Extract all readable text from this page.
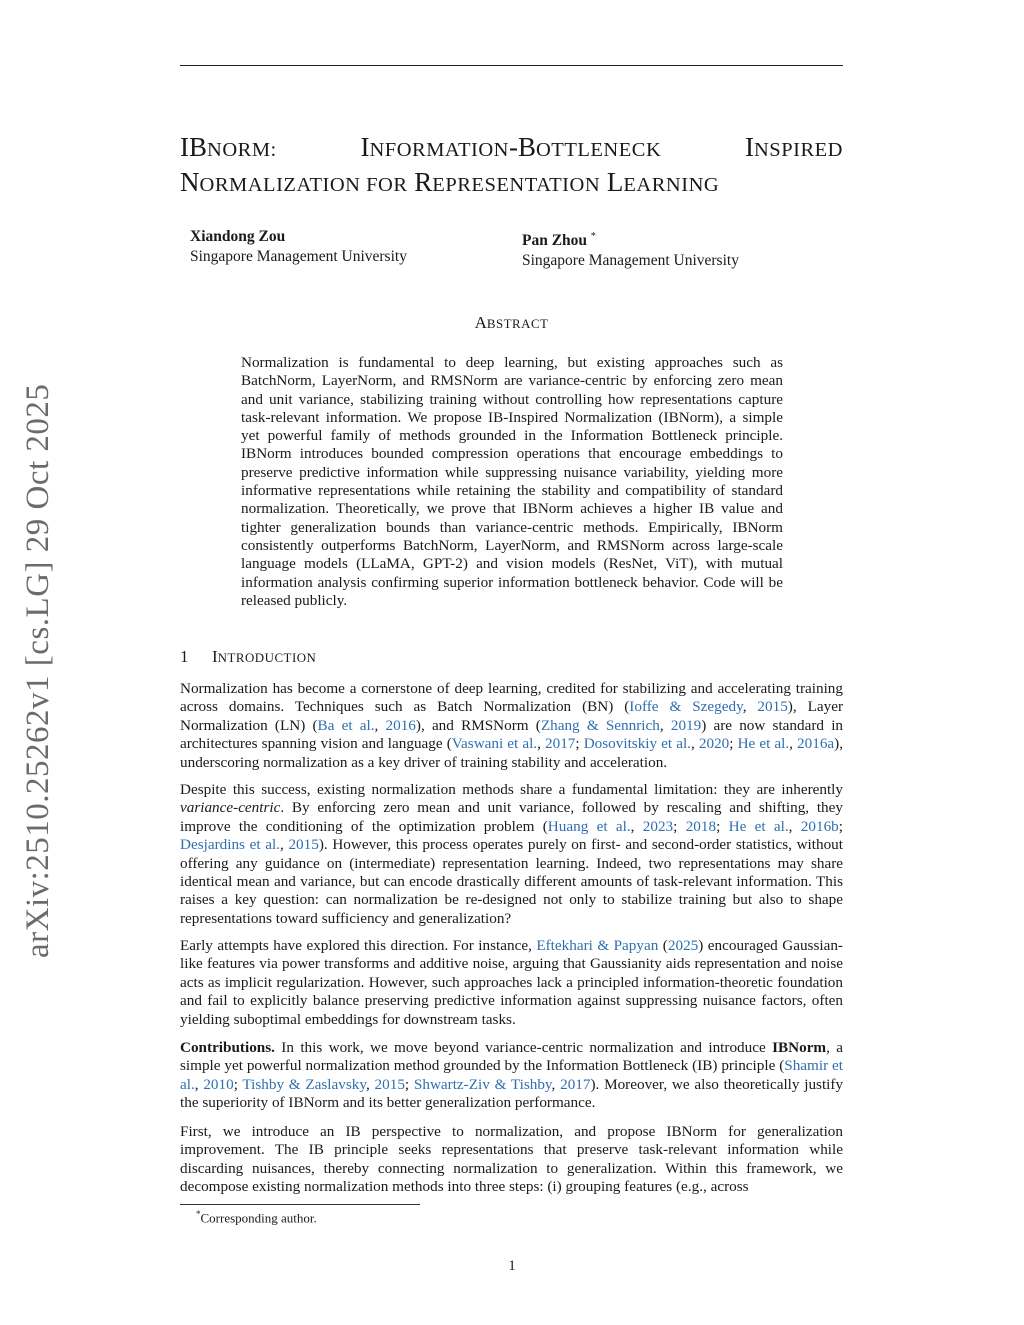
arXiv:2510.25262v1 [cs.LG] 29 Oct 2025
IBNORM:	INFORMATION-BOTTLENECK	INSPIRED
NORMALIZATION FOR REPRESENTATION LEARNING
Xiandong Zou
Singapore Management University
Pan Zhou *
Singapore Management University
ABSTRACT

Normalization is fundamental to deep learning, but existing approaches such as BatchNorm, LayerNorm, and RMSNorm are variance-centric by enforcing zero mean and unit variance, stabilizing training without controlling how representations capture task-relevant information. We propose IB-Inspired Normalization (IBNorm), a simple yet powerful family of methods grounded in the Information Bottleneck principle. IBNorm introduces bounded compression operations that encourage embeddings to preserve predictive information while suppressing nuisance variability, yielding more informative representations while retaining the stability and compatibility of standard normalization. Theoretically, we prove that IBNorm achieves a higher IB value and tighter generalization bounds than variance-centric methods. Empirically, IBNorm consistently outperforms BatchNorm, LayerNorm, and RMSNorm across large-scale language models (LLaMA, GPT-2) and vision models (ResNet, ViT), with mutual information analysis confirming superior information bottleneck behavior. Code will be released publicly.

1 INTRODUCTION

Normalization has become a cornerstone of deep learning, credited for stabilizing and accelerating training across domains. Techniques such as Batch Normalization (BN) (Ioffe & Szegedy, 2015), Layer Normalization (LN) (Ba et al., 2016), and RMSNorm (Zhang & Sennrich, 2019) are now standard in architectures spanning vision and language (Vaswani et al., 2017; Dosovitskiy et al., 2020; He et al., 2016a), underscoring normalization as a key driver of training stability and acceleration.

Despite this success, existing normalization methods share a fundamental limitation: they are inherently variance-centric. By enforcing zero mean and unit variance, followed by rescaling and shifting, they improve the conditioning of the optimization problem (Huang et al., 2023; 2018; He et al., 2016b; Desjardins et al., 2015). However, this process operates purely on first- and second-order statistics, without offering any guidance on (intermediate) representation learning. Indeed, two representations may share identical mean and variance, but can encode drastically different amounts of task-relevant information. This raises a key question: can normalization be re-designed not only to stabilize training but also to shape representations toward sufficiency and generalization?

Early attempts have explored this direction. For instance, Eftekhari & Papyan (2025) encouraged Gaussian-like features via power transforms and additive noise, arguing that Gaussianity aids representation and noise acts as implicit regularization. However, such approaches lack a principled information-theoretic foundation and fail to explicitly balance preserving predictive information against suppressing nuisance factors, often yielding suboptimal embeddings for downstream tasks.

Contributions. In this work, we move beyond variance-centric normalization and introduce IBNorm, a simple yet powerful normalization method grounded by the Information Bottleneck (IB) principle (Shamir et al., 2010; Tishby & Zaslavsky, 2015; Shwartz-Ziv & Tishby, 2017). Moreover, we also theoretically justify the superiority of IBNorm and its better generalization performance.

First, we introduce an IB perspective to normalization, and propose IBNorm for generalization improvement. The IB principle seeks representations that preserve task-relevant information while discarding nuisances, thereby connecting normalization to generalization. Within this framework, we decompose existing normalization methods into three steps: (i) grouping features (e.g., across

*Corresponding author.
1
